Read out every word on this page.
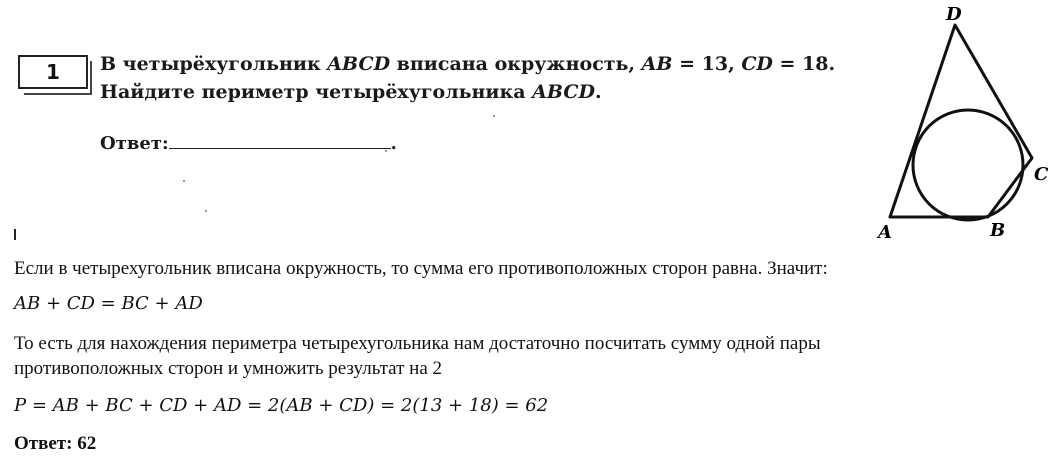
1	В четырёхугольник ABCD вписана окружность, AB = 13, CD = 18.
Найдите периметр четырёхугольника ABCD.
Ответ:	.
A	B
C
D
Если в четырехугольник вписана окружность, то сумма его противоположных сторон равна. Значит:
AB + CD = BC + AD
То есть для нахождения периметра четырехугольника нам достаточно посчитать сумму одной пары
противоположных сторон и умножить результат на 2
P = AB + BC + CD + AD = 2(AB + CD) = 2(13 + 18) = 62
Ответ: 62
